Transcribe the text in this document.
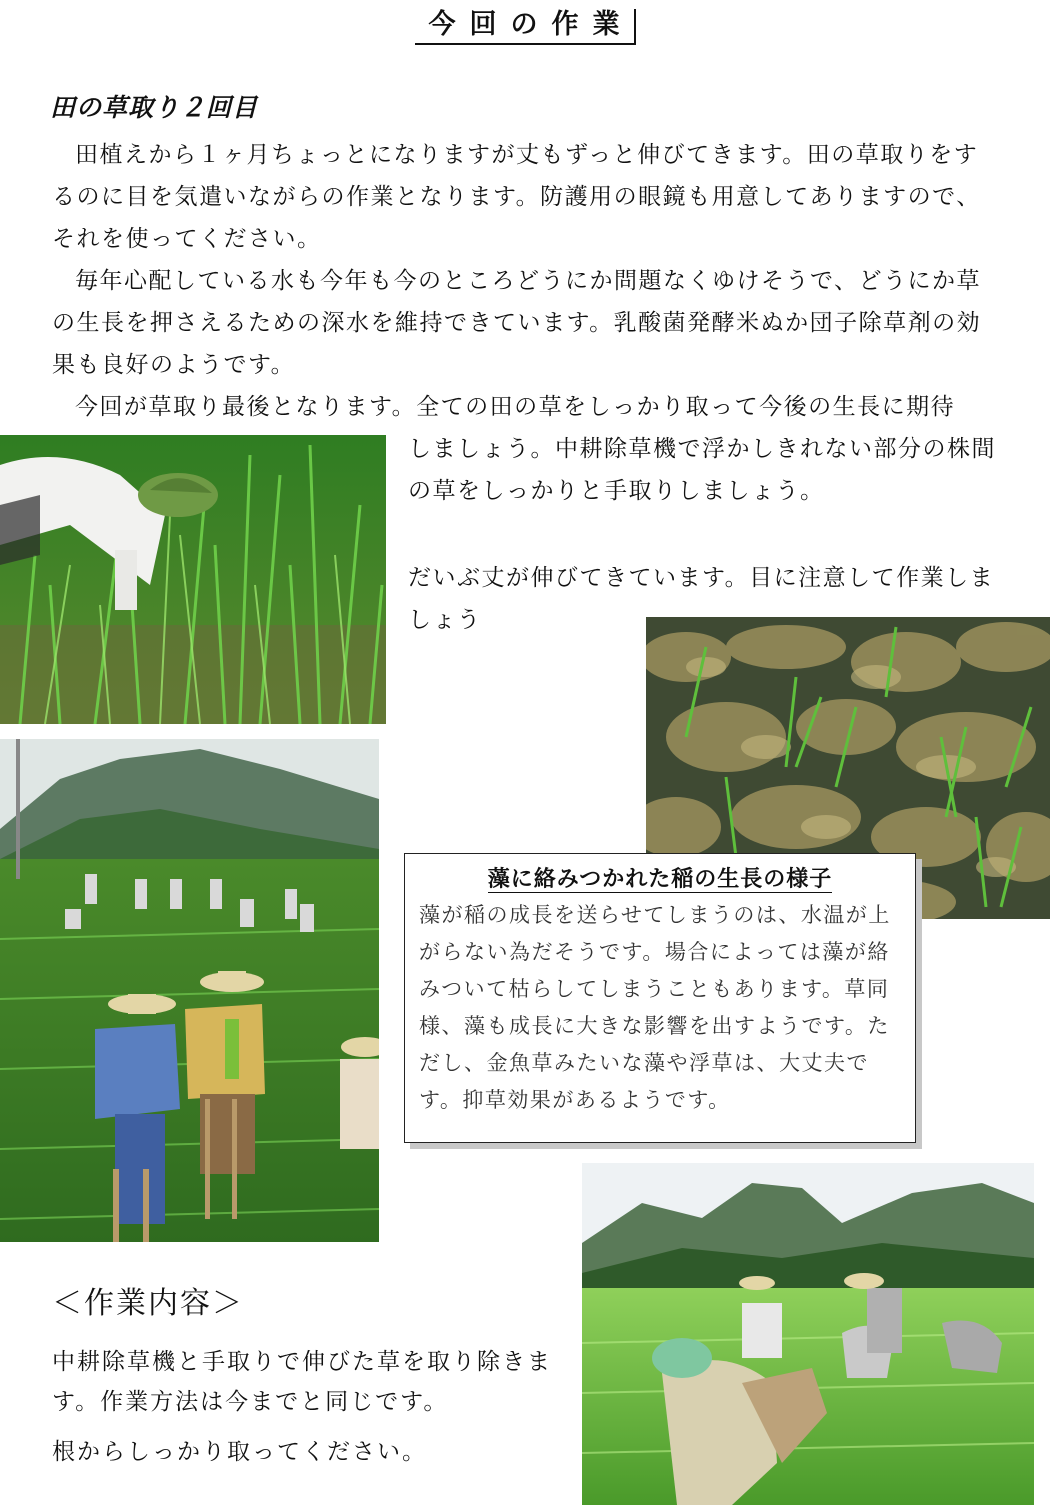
今回の作業
田の草取り２回目

田植えから１ヶ月ちょっとになりますが丈もずっと伸びてきます。田の草取りをするのに目を気遣いながらの作業となります。防護用の眼鏡も用意してありますので、それを使ってください。

毎年心配している水も今年も今のところどうにか問題なくゆけそうで、どうにか草の生長を押さえるための深水を維持できています。乳酸菌発酵米ぬか団子除草剤の効果も良好のようです。

今回が草取り最後となります。全ての田の草をしっかり取って今後の生長に期待

しましょう。中耕除草機で浮かしきれない部分の株間の草をしっかりと手取りしましょう。

だいぶ丈が伸びてきています。目に注意して作業しましょう

藻に絡みつかれた稲の生長の様子
藻が稲の成長を送らせてしまうのは、水温が上がらない為だそうです。場合によっては藻が絡みついて枯らしてしまうこともあります。草同様、藻も成長に大きな影響を出すようです。ただし、金魚草みたいな藻や浮草は、大丈夫です。抑草効果があるようです。
＜作業内容＞

中耕除草機と手取りで伸びた草を取り除きます。作業方法は今までと同じです。

根からしっかり取ってください。
